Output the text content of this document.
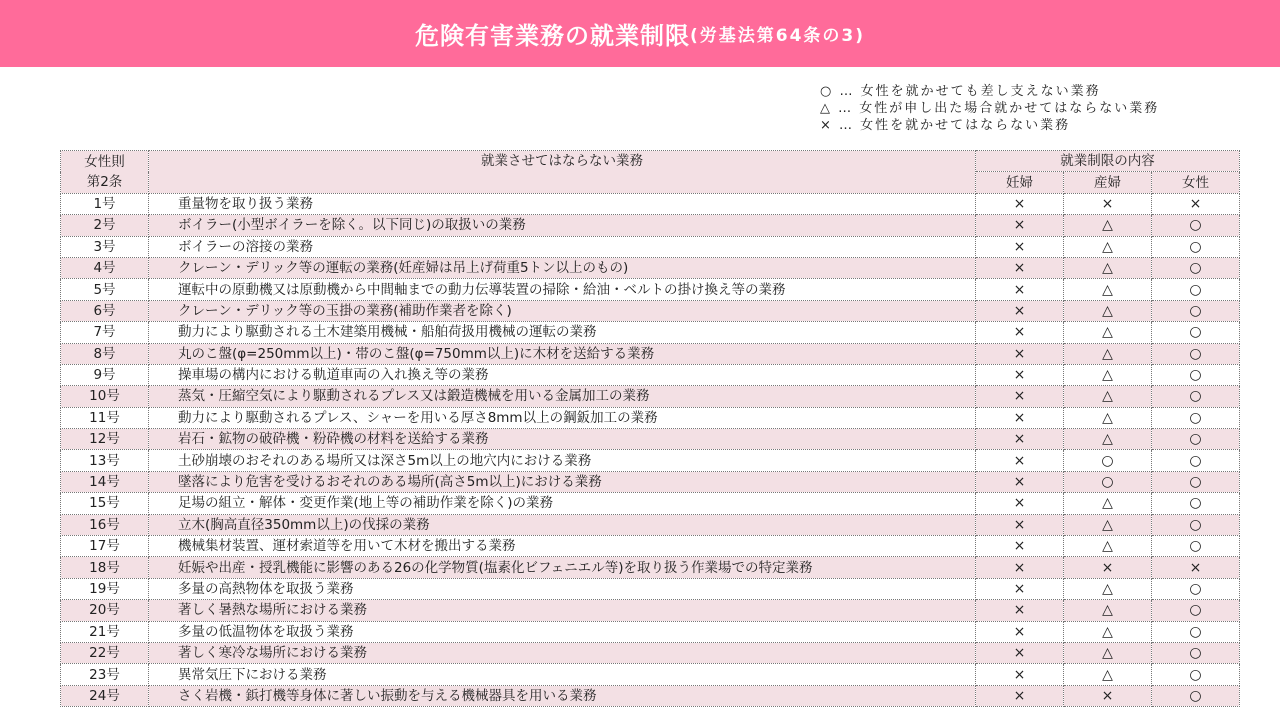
危険有害業務の就業制限 (労基法第64条の3)
○ … 女性を就かせても差し支えない業務
△ … 女性が申し出た場合就かせてはならない業務
× … 女性を就かせてはならない業務
女性則
第2条	就業させてはならない業務	就業制限の内容		
		妊婦	産婦	女性
1号	重量物を取り扱う業務	×	×	×
2号	ボイラー(小型ボイラーを除く。以下同じ)の取扱いの業務	×	△	○
3号	ボイラーの溶接の業務	×	△	○
4号	クレーン・デリック等の運転の業務(妊産婦は吊上げ荷重5トン以上のもの)	×	△	○
5号	運転中の原動機又は原動機から中間軸までの動力伝導装置の掃除・給油・ベルトの掛け換え等の業務	×	△	○
6号	クレーン・デリック等の玉掛の業務(補助作業者を除く)	×	△	○
7号	動力により駆動される土木建築用機械・船舶荷扱用機械の運転の業務	×	△	○
8号	丸のこ盤(φ=250mm以上)・帯のこ盤(φ=750mm以上)に木材を送給する業務	×	△	○
9号	操車場の構内における軌道車両の入れ換え等の業務	×	△	○
10号	蒸気・圧縮空気により駆動されるプレス又は鍛造機械を用いる金属加工の業務	×	△	○
11号	動力により駆動されるプレス、シャーを用いる厚さ8mm以上の鋼鈑加工の業務	×	△	○
12号	岩石・鉱物の破砕機・粉砕機の材料を送給する業務	×	△	○
13号	土砂崩壊のおそれのある場所又は深さ5m以上の地穴内における業務	×	○	○
14号	墜落により危害を受けるおそれのある場所(高さ5m以上)における業務	×	○	○
15号	足場の組立・解体・変更作業(地上等の補助作業を除く)の業務	×	△	○
16号	立木(胸高直径350mm以上)の伐採の業務	×	△	○
17号	機械集材装置、運材索道等を用いて木材を搬出する業務	×	△	○
18号	妊娠や出産・授乳機能に影響のある26の化学物質(塩素化ビフェニエル等)を取り扱う作業場での特定業務	×	×	×
19号	多量の高熱物体を取扱う業務	×	△	○
20号	著しく暑熱な場所における業務	×	△	○
21号	多量の低温物体を取扱う業務	×	△	○
22号	著しく寒冷な場所における業務	×	△	○
23号	異常気圧下における業務	×	△	○
24号	さく岩機・鋲打機等身体に著しい振動を与える機械器具を用いる業務	×	×	○
